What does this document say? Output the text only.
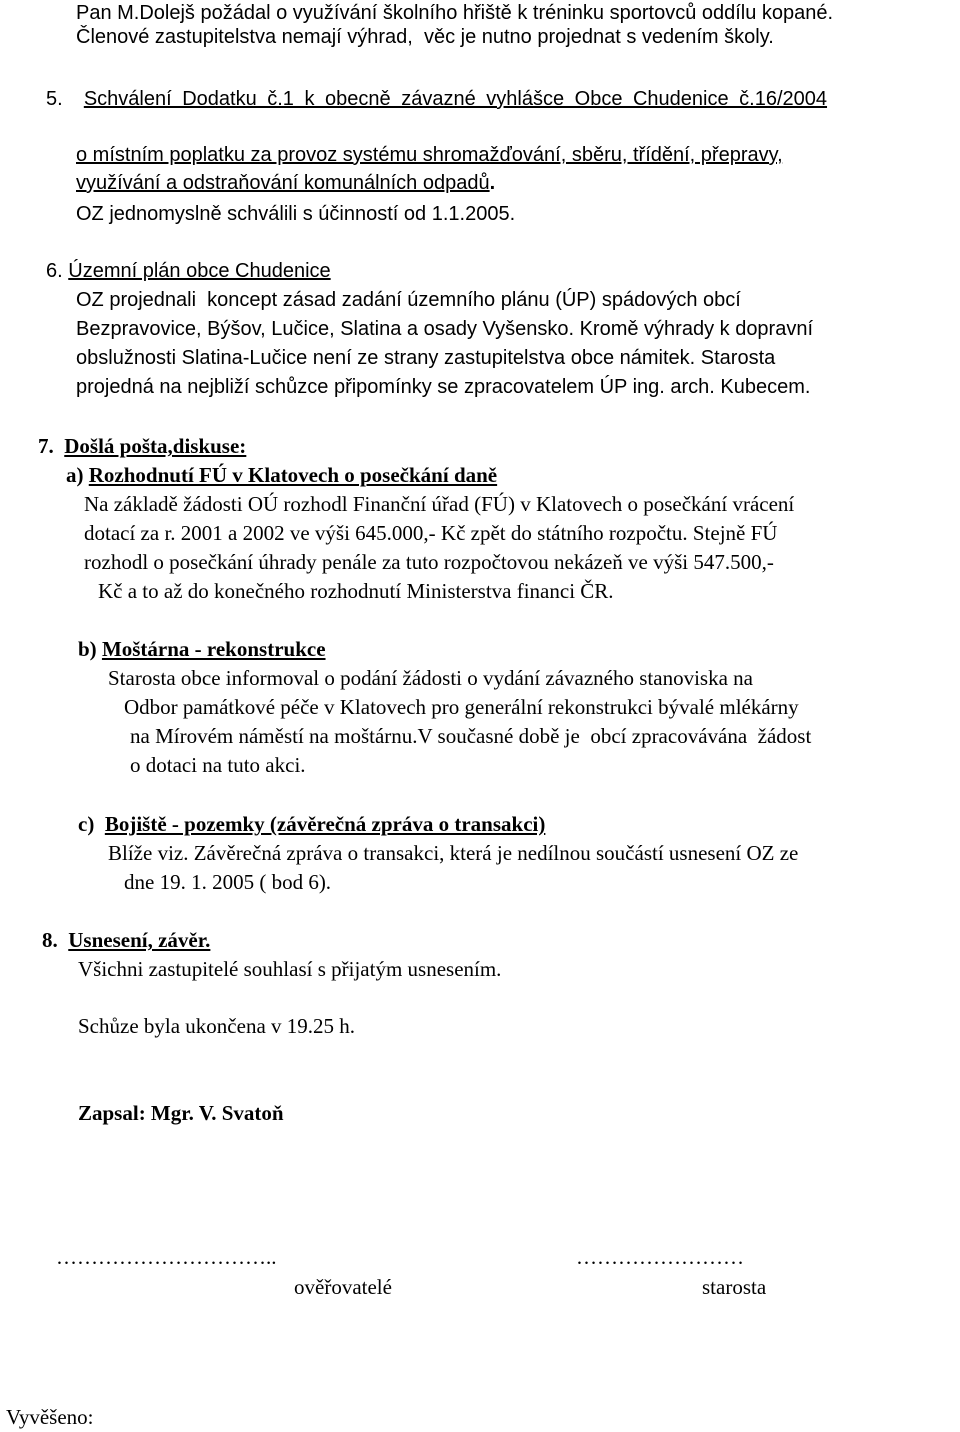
Pan M.Dolejš požádal o využívání školního hřiště k tréninku sportovců oddílu kopané.
Členové zastupitelstva nemají výhrad,  věc je nutno projednat s vedením školy.
5. Schválení Dodatku č.1 k obecně závazné vyhlášce Obce Chudenice č.16/2004
o místním poplatku za provoz systému shromažďování, sběru, třídění, přepravy,
využívání a odstraňování komunálních odpadů.
OZ jednomyslně schválili s účinností od 1.1.2005.
6. Územní plán obce Chudenice
OZ projednali  koncept zásad zadání územního plánu (ÚP) spádových obcí
Bezpravovice, Býšov, Lučice, Slatina a osady Vyšensko. Kromě výhrady k dopravní
obslužnosti Slatina-Lučice není ze strany zastupitelstva obce námitek. Starosta
projedná na nejbliží schůzce připomínky se zpracovatelem ÚP ing. arch. Kubecem.
7. Došlá pošta,diskuse:
a) Rozhodnutí FÚ v Klatovech o posečkání daně
Na základě žádosti OÚ rozhodl Finanční úřad (FÚ) v Klatovech o posečkání vrácení
dotací za r. 2001 a 2002 ve výši 645.000,- Kč zpět do státního rozpočtu. Stejně FÚ
rozhodl o posečkání úhrady penále za tuto rozpočtovou nekázeň ve výši 547.500,-
Kč a to až do konečného rozhodnutí Ministerstva financi ČR.
b) Moštárna - rekonstrukce
Starosta obce informoval o podání žádosti o vydání závazného stanoviska na
Odbor památkové péče v Klatovech pro generální rekonstrukci bývalé mlékárny
na Mírovém náměstí na moštárnu.V současné době je  obcí zpracovávána  žádost
o dotaci na tuto akci.
c) Bojiště - pozemky (závěrečná zpráva o transakci)
Blíže viz. Závěrečná zpráva o transakci, která je nedílnou součástí usnesení OZ ze
dne 19. 1. 2005 ( bod 6).
8. Usnesení, závěr.
Všichni zastupitelé souhlasí s přijatým usnesením.
Schůze byla ukončena v 19.25 h.
Zapsal: Mgr. V. Svatoň
…………………………..
ověřovatelé
……………………
starosta
Vyvěšeno:
